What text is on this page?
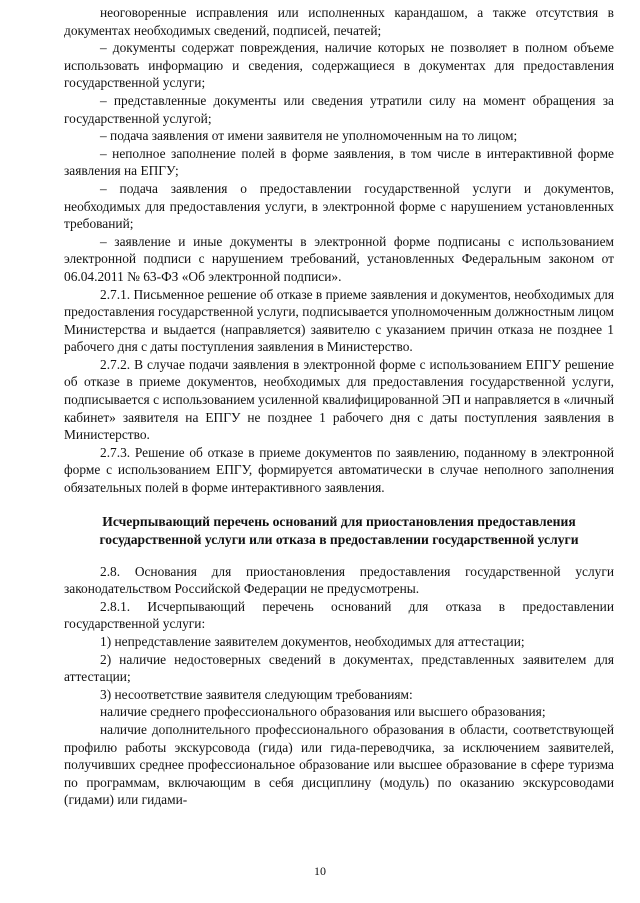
неоговоренные исправления или исполненных карандашом, а также отсутствия в документах необходимых сведений, подписей, печатей;

– документы содержат повреждения, наличие которых не позволяет в полном объеме использовать информацию и сведения, содержащиеся в документах для предоставления государственной услуги;

– представленные документы или сведения утратили силу на момент обращения за государственной услугой;

– подача заявления от имени заявителя не уполномоченным на то лицом;

– неполное заполнение полей в форме заявления, в том числе в интерактивной форме заявления на ЕПГУ;

– подача заявления о предоставлении государственной услуги и документов, необходимых для предоставления услуги, в электронной форме с нарушением установленных требований;

– заявление и иные документы в электронной форме подписаны с использованием электронной подписи с нарушением требований, установленных Федеральным законом от 06.04.2011 № 63-ФЗ «Об электронной подписи».

2.7.1. Письменное решение об отказе в приеме заявления и документов, необходимых для предоставления государственной услуги, подписывается уполномоченным должностным лицом Министерства и выдается (направляется) заявителю с указанием причин отказа не позднее 1 рабочего дня с даты поступления заявления в Министерство.

2.7.2. В случае подачи заявления в электронной форме с использованием ЕПГУ решение об отказе в приеме документов, необходимых для предоставления государственной услуги, подписывается с использованием усиленной квалифицированной ЭП и направляется в «личный кабинет» заявителя на ЕПГУ не позднее 1 рабочего дня с даты поступления заявления в Министерство.

2.7.3. Решение об отказе в приеме документов по заявлению, поданному в электронной форме с использованием ЕПГУ, формируется автоматически в случае неполного заполнения обязательных полей в форме интерактивного заявления.

Исчерпывающий перечень оснований для приостановления предоставления государственной услуги или отказа в предоставлении государственной услуги

2.8. Основания для приостановления предоставления государственной услуги законодательством Российской Федерации не предусмотрены.

2.8.1. Исчерпывающий перечень оснований для отказа в предоставлении государственной услуги:

1) непредставление заявителем документов, необходимых для аттестации;

2) наличие недостоверных сведений в документах, представленных заявителем для аттестации;

3) несоответствие заявителя следующим требованиям:

наличие среднего профессионального образования или высшего образования;

наличие дополнительного профессионального образования в области, соответствующей профилю работы экскурсовода (гида) или гида-переводчика, за исключением заявителей, получивших среднее профессиональное образование или высшее образование в сфере туризма по программам, включающим в себя дисциплину (модуль) по оказанию экскурсоводами (гидами) или гидами-

10
